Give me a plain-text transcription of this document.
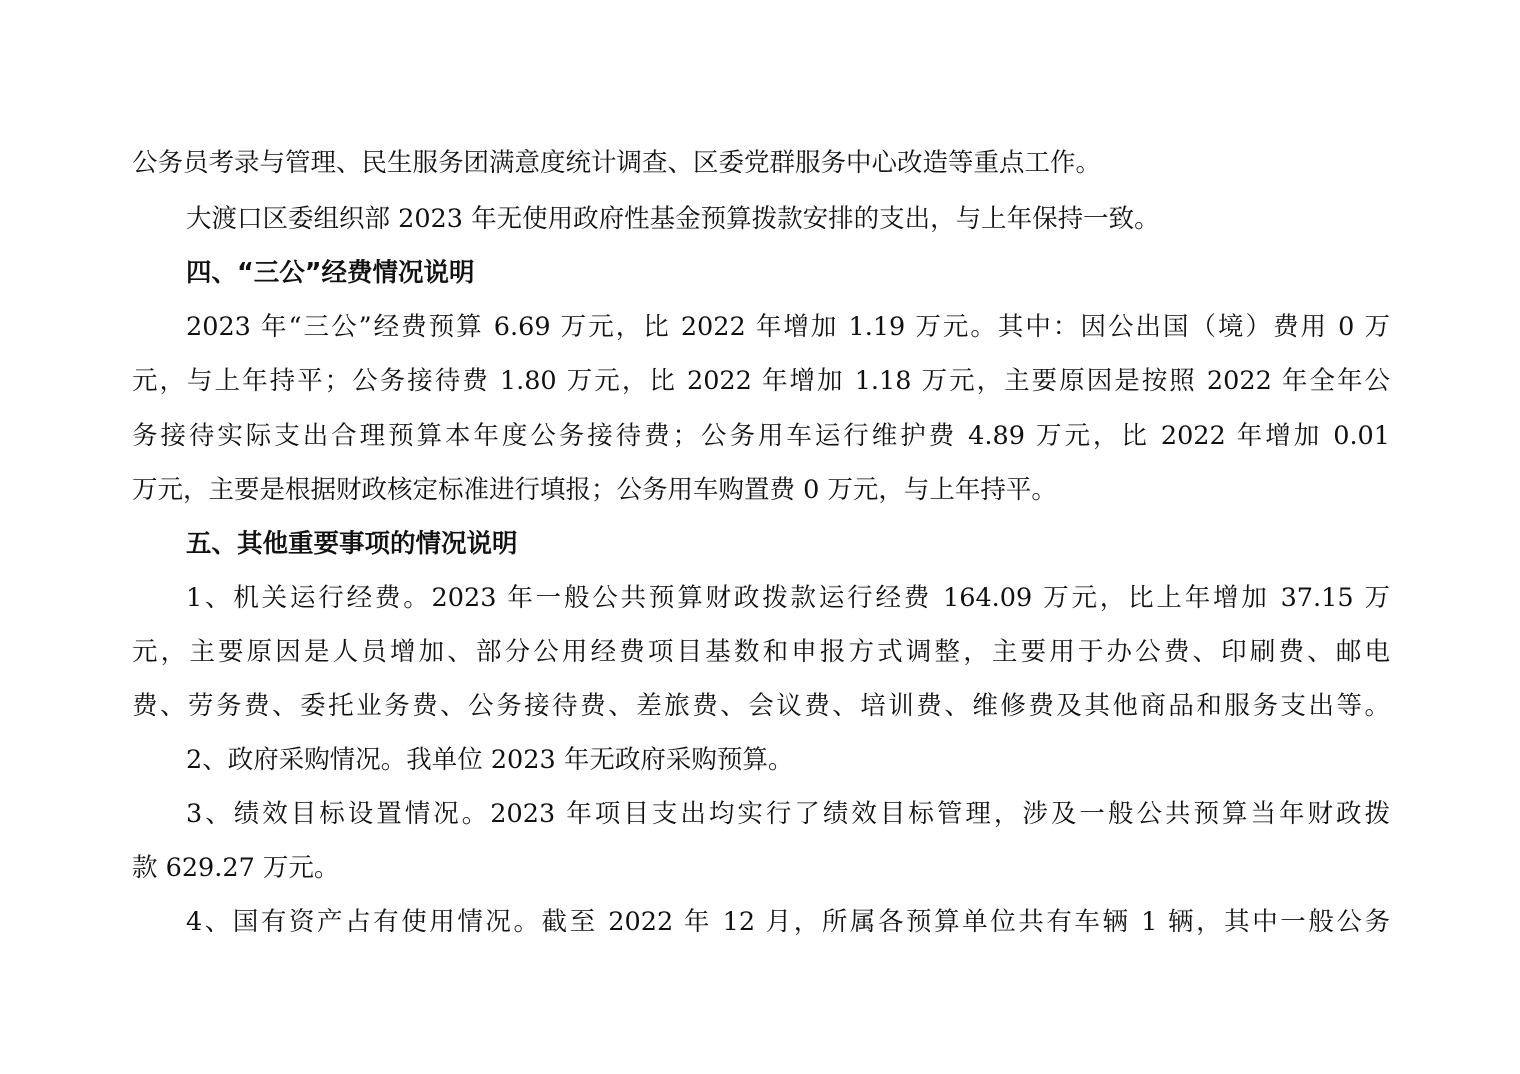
公务员考录与管理、民生服务团满意度统计调查、区委党群服务中心改造等重点工作。
大渡口区委组织部 2023 年无使用政府性基金预算拨款安排的支出，与上年保持一致。
四、“三公”经费情况说明
2023 年“三公”经费预算 6.69 万元，比 2022 年增加 1.19 万元。其中：因公出国（境）费用 0 万
元，与上年持平；公务接待费 1.80 万元，比 2022 年增加 1.18 万元，主要原因是按照 2022 年全年公
务接待实际支出合理预算本年度公务接待费；公务用车运行维护费 4.89 万元，比 2022 年增加 0.01
万元，主要是根据财政核定标准进行填报；公务用车购置费 0 万元，与上年持平。
五、其他重要事项的情况说明
1、机关运行经费。2023 年一般公共预算财政拨款运行经费 164.09 万元，比上年增加 37.15 万
元，主要原因是人员增加、部分公用经费项目基数和申报方式调整，主要用于办公费、印刷费、邮电
费、劳务费、委托业务费、公务接待费、差旅费、会议费、培训费、维修费及其他商品和服务支出等。
2、政府采购情况。我单位 2023 年无政府采购预算。
3、绩效目标设置情况。2023 年项目支出均实行了绩效目标管理，涉及一般公共预算当年财政拨
款 629.27 万元。
4、国有资产占有使用情况。截至 2022 年 12 月，所属各预算单位共有车辆 1 辆，其中一般公务
